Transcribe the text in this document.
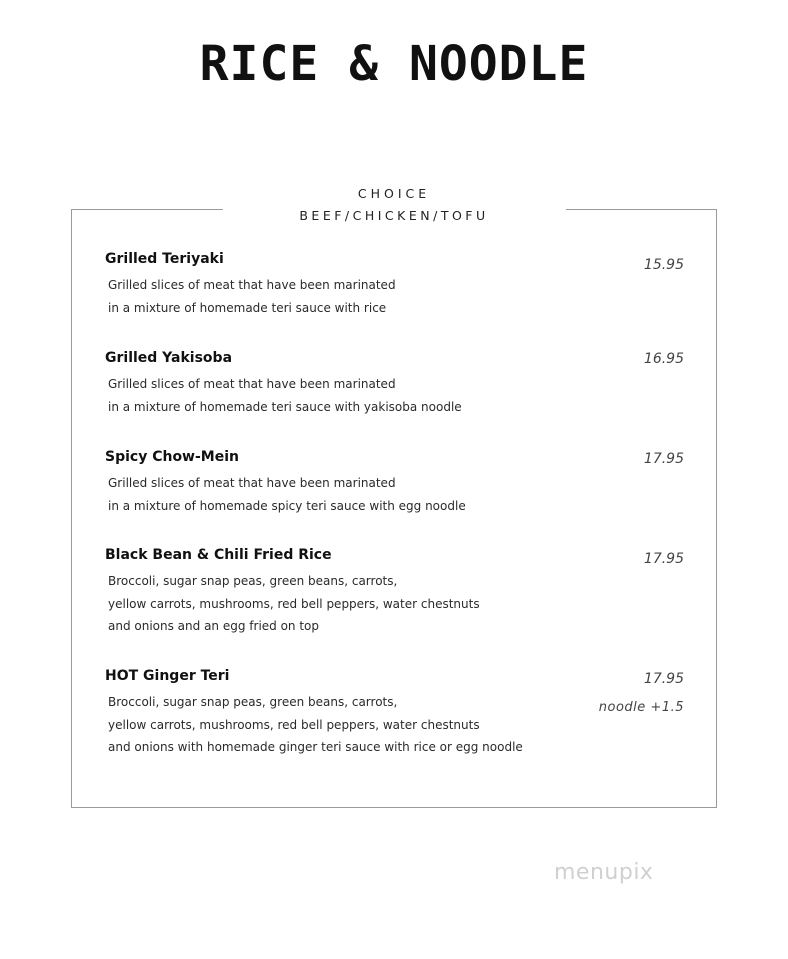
RICE & NOODLE
CHOICE
BEEF/CHICKEN/TOFU
Grilled Teriyaki
Grilled slices of meat that have been marinated
in a mixture of homemade teri sauce with rice
15.95
Grilled Yakisoba
Grilled slices of meat that have been marinated
in a mixture of homemade teri sauce with yakisoba noodle
16.95
Spicy Chow-Mein
Grilled slices of meat that have been marinated
in a mixture of homemade spicy teri sauce with egg noodle
17.95
Black Bean & Chili Fried Rice
Broccoli, sugar snap peas, green beans, carrots,
yellow carrots, mushrooms, red bell peppers, water chestnuts
and onions and an egg fried on top
17.95
HOT Ginger Teri
Broccoli, sugar snap peas, green beans, carrots,
yellow carrots, mushrooms, red bell peppers, water chestnuts
and onions with homemade ginger teri sauce with rice or egg noodle
17.95
noodle +1.5
menupix
